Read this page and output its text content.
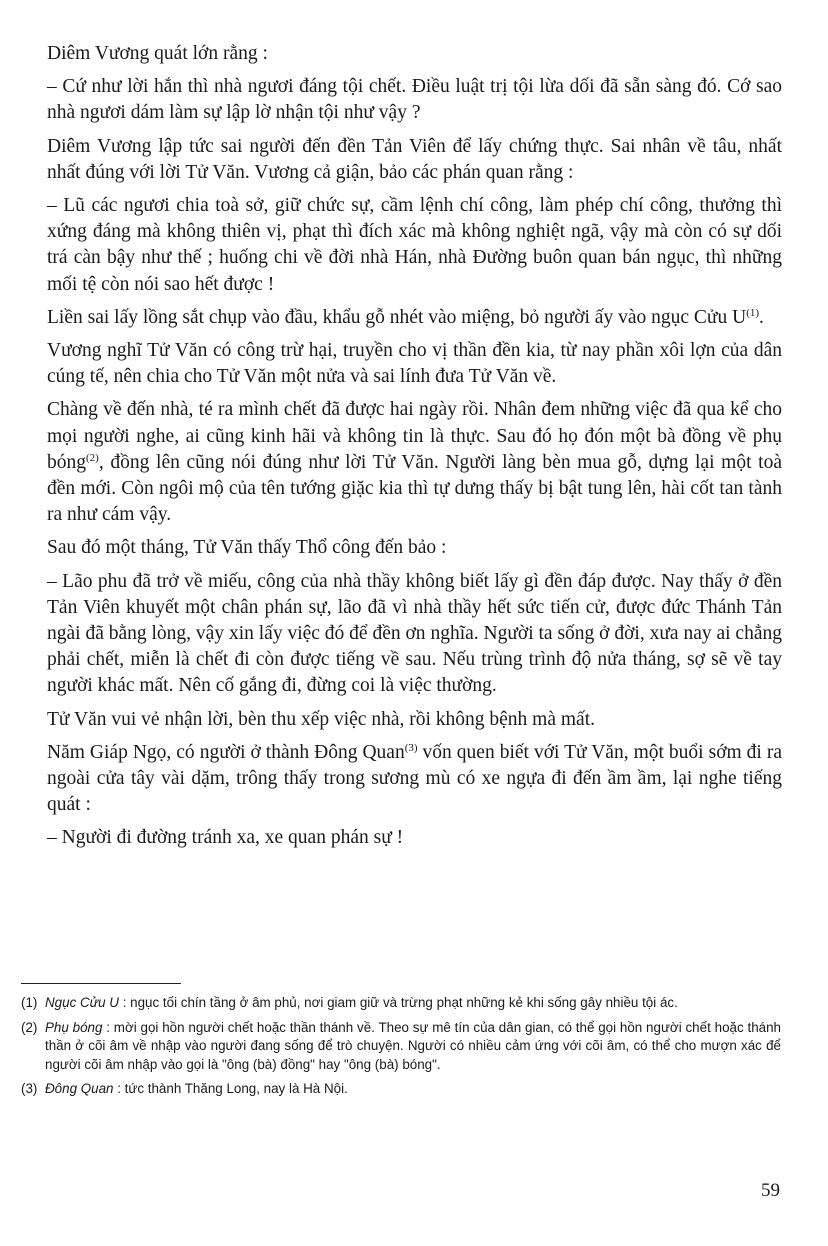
Diêm Vương quát lớn rằng :

– Cứ như lời hắn thì nhà ngươi đáng tội chết. Điều luật trị tội lừa dối đã sẵn sàng đó. Cớ sao nhà ngươi dám làm sự lập lờ nhận tội như vậy ?

Diêm Vương lập tức sai người đến đền Tản Viên để lấy chứng thực. Sai nhân về tâu, nhất nhất đúng với lời Tử Văn. Vương cả giận, bảo các phán quan rằng :

– Lũ các ngươi chia toà sở, giữ chức sự, cầm lệnh chí công, làm phép chí công, thưởng thì xứng đáng mà không thiên vị, phạt thì đích xác mà không nghiệt ngã, vậy mà còn có sự dối trá càn bậy như thế ; huống chi về đời nhà Hán, nhà Đường buôn quan bán ngục, thì những mối tệ còn nói sao hết được !

Liền sai lấy lồng sắt chụp vào đầu, khẩu gỗ nhét vào miệng, bỏ người ấy vào ngục Cửu $U^{(1)}$.

Vương nghĩ Tử Văn có công trừ hại, truyền cho vị thần đền kia, từ nay phần xôi lợn của dân cúng tế, nên chia cho Tử Văn một nửa và sai lính đưa Tử Văn về.

Chàng về đến nhà, té ra mình chết đã được hai ngày rồi. Nhân đem những việc đã qua kể cho mọi người nghe, ai cũng kinh hãi và không tin là thực. Sau đó họ đón một bà đồng về phụ bóng$^{(2)}$, đồng lên cũng nói đúng như lời Tử Văn. Người làng bèn mua gỗ, dựng lại một toà đền mới. Còn ngôi mộ của tên tướng giặc kia thì tự dưng thấy bị bật tung lên, hài cốt tan tành ra như cám vậy.

Sau đó một tháng, Tử Văn thấy Thổ công đến bảo :

– Lão phu đã trở về miếu, công của nhà thầy không biết lấy gì đền đáp được. Nay thấy ở đền Tản Viên khuyết một chân phán sự, lão đã vì nhà thầy hết sức tiến cử, được đức Thánh Tản ngài đã bằng lòng, vậy xin lấy việc đó để đền ơn nghĩa. Người ta sống ở đời, xưa nay ai chẳng phải chết, miễn là chết đi còn được tiếng về sau. Nếu trùng trình độ nửa tháng, sợ sẽ về tay người khác mất. Nên cố gắng đi, đừng coi là việc thường.

Tử Văn vui vẻ nhận lời, bèn thu xếp việc nhà, rồi không bệnh mà mất.

Năm Giáp Ngọ, có người ở thành Đông Quan$^{(3)}$ vốn quen biết với Tử Văn, một buổi sớm đi ra ngoài cửa tây vài dặm, trông thấy trong sương mù có xe ngựa đi đến ầm ầm, lại nghe tiếng quát :

– Người đi đường tránh xa, xe quan phán sự !

(1) Ngục Cửu U : ngục tối chín tầng ở âm phủ, nơi giam giữ và trừng phạt những kẻ khi sống gây nhiều tội ác.
(2) Phụ bóng : mời gọi hồn người chết hoặc thần thánh về. Theo sự mê tín của dân gian, có thể gọi hồn người chết hoặc thánh thần ở cõi âm về nhập vào người đang sống để trò chuyện. Người có nhiều cảm ứng với cõi âm, có thể cho mượn xác để người cõi âm nhập vào gọi là "ông (bà) đồng" hay "ông (bà) bóng".
(3) Đông Quan : tức thành Thăng Long, nay là Hà Nội.
59
